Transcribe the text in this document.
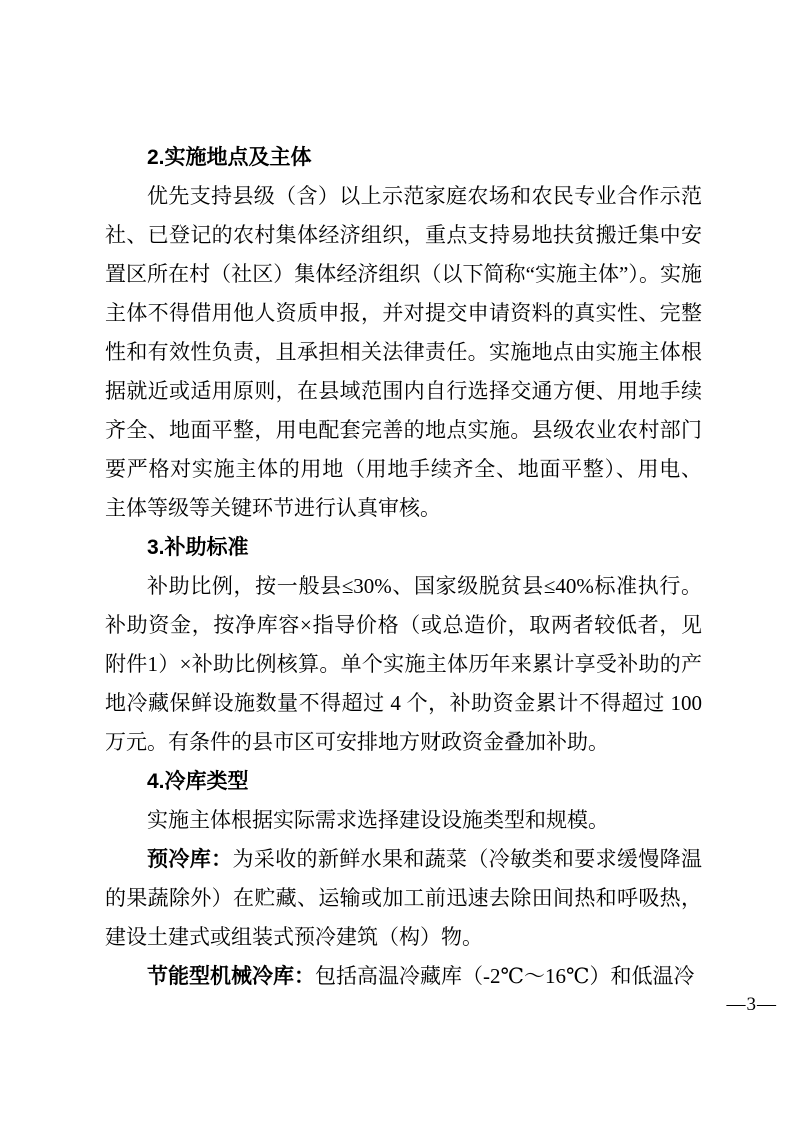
2.实施地点及主体

优先支持县级（含）以上示范家庭农场和农民专业合作示范社、已登记的农村集体经济组织，重点支持易地扶贫搬迁集中安置区所在村（社区）集体经济组织（以下简称“实施主体”）。实施主体不得借用他人资质申报，并对提交申请资料的真实性、完整性和有效性负责，且承担相关法律责任。实施地点由实施主体根据就近或适用原则，在县域范围内自行选择交通方便、用地手续齐全、地面平整，用电配套完善的地点实施。县级农业农村部门要严格对实施主体的用地（用地手续齐全、地面平整）、用电、主体等级等关键环节进行认真审核。

3.补助标准

补助比例，按一般县≤30%、国家级脱贫县≤40%标准执行。补助资金，按净库容×指导价格（或总造价，取两者较低者，见附件1）×补助比例核算。单个实施主体历年来累计享受补助的产地冷藏保鲜设施数量不得超过 4 个，补助资金累计不得超过 100 万元。有条件的县市区可安排地方财政资金叠加补助。

4.冷库类型

实施主体根据实际需求选择建设设施类型和规模。

预冷库：为采收的新鲜水果和蔬菜（冷敏类和要求缓慢降温的果蔬除外）在贮藏、运输或加工前迅速去除田间热和呼吸热，建设土建式或组装式预冷建筑（构）物。

节能型机械冷库：包括高温冷藏库（-2℃～16℃）和低温冷

—3—
